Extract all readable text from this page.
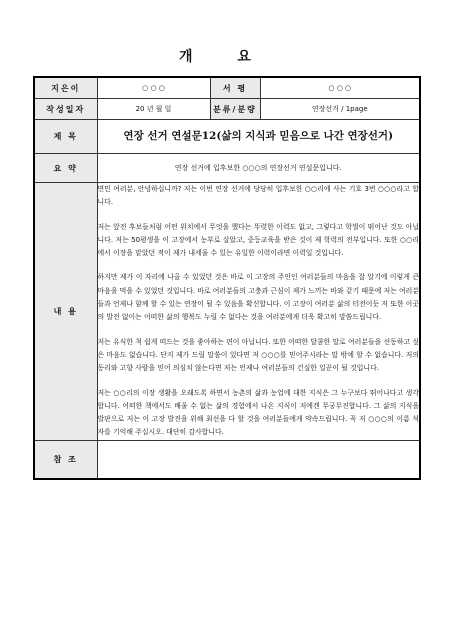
개 요
지은이	○ ○ ○	서 평	○ ○ ○
작성일자	20 년 월 일	분류/분량	연장선거 / 1page
제 목	연장 선거 연설문12(삶의 지식과 믿음으로 나간 연장선거)		
요 약	연장 선거에 입후보한 ○○○의 연장선거 연설문입니다.		
내 용	면민 여러분, 안녕하십니까? 저는 이번 연장 선거에 당당히 입후보한 ○○리에 사는 기호 3번 ○○○라고 합니다.

저는 앞전 후보들처럼 어떤 위치에서 무엇을 했다는 뚜렷한 이력도 없고, 그렇다고 학벌이 뛰어난 것도 아닙니다. 저는 50평생을 이 고장에서 농부로 살았고, 중등교육을 받은 것이 제 학력의 전부입니다. 또한 ○○리에서 이장을 맡았던 적이 제가 내세울 수 있는 유일한 이력이라면 이력일 것입니다.

하지만 제가 이 자리에 나올 수 있었던 것은 바로 이 고장의 주인인 여러분들의 마음을 잘 알기에 이렇게 큰마음을 먹을 수 있었던 것입니다. 바로 여러분들의 고충과 근심이 제가 느끼는 바와 같기 때문에 저는 여러분들과 언제나 함께 할 수 있는 연장이 될 수 있음을 확신합니다. 이 고장이 여러분 삶의 터전이듯 저 또한 이곳의 발전 없이는 어떠한 삶의 행복도 누릴 수 없다는 것을 여러분에게 더욱 확고히 말씀드립니다.

저는 유식한 척 쉽게 떠드는 것을 좋아하는 편이 아닙니다. 또한 어떠한 달콤한 말로 여러분들을 선동하고 싶은 마음도 없습니다. 단지 제가 드릴 말씀이 있다면 저 ○○○를 믿어주시라는 말 밖에 할 수 없습니다. 저의 동리와 고향 사람을 믿어 의심치 않는다면 저는 언제나 여러분들의 건실한 일꾼이 될 것입니다.

저는 ○○리의 이장 생활을 오래도록 하면서 농촌의 삶과 농업에 대한 지식은 그 누구보다 뛰어나다고 생각합니다. 어떠한 책에서도 배울 수 없는 삶의 경험에서 나온 지식이 저에겐 무궁무진합니다. 그 삶의 지식을 발판으로 저는 이 고장 발전을 위해 최선을 다 할 것을 여러분들에게 약속드립니다. 꼭 저 ○○○의 이름 석 자를 기억해 주십시오. 대단히 감사합니다.		

참 조			
